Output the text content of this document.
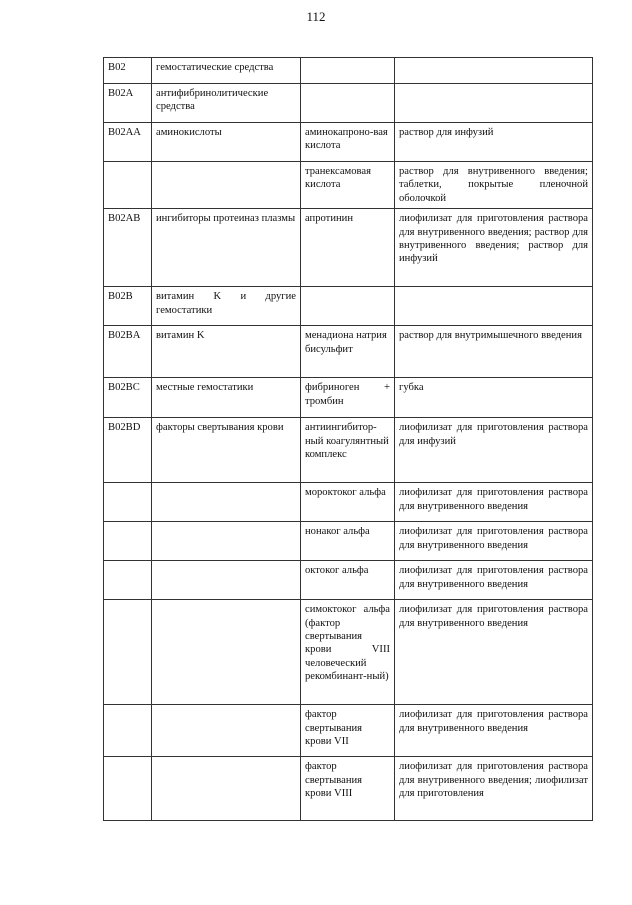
112
B02	гемостатические средства		
B02A	антифибринолитические средства		
B02AA	аминокислоты	аминокапроно-вая кислота	раствор для инфузий
		транексамовая кислота	раствор для внутривенного введения; таблетки, покрытые пленочной оболочкой
B02AB	ингибиторы протеиназ плазмы	апротинин	лиофилизат для приготовления раствора для внутривенного введения; раствор для внутривенного введения; раствор для инфузий
B02B	витамин K и другие гемостатики		
B02BA	витамин K	менадиона натрия бисульфит	раствор для внутримышечного введения
B02BC	местные гемостатики	фибриноген + тромбин	губка
B02BD	факторы свертывания крови	антиингибитор-ный коагулянтный комплекс	лиофилизат для приготовления раствора для инфузий
		мороктоког альфа	лиофилизат для приготовления раствора для внутривенного введения
		нонаког альфа	лиофилизат для приготовления раствора для внутривенного введения
		октоког альфа	лиофилизат для приготовления раствора для внутривенного введения
		симоктоког альфа (фактор свертывания крови VIII человеческий рекомбинант-ный)	лиофилизат для приготовления раствора для внутривенного введения
		фактор свертывания крови VII	лиофилизат для приготовления раствора для внутривенного введения
		фактор свертывания крови VIII	лиофилизат для приготовления раствора для внутривенного введения; лиофилизат для приготовления
